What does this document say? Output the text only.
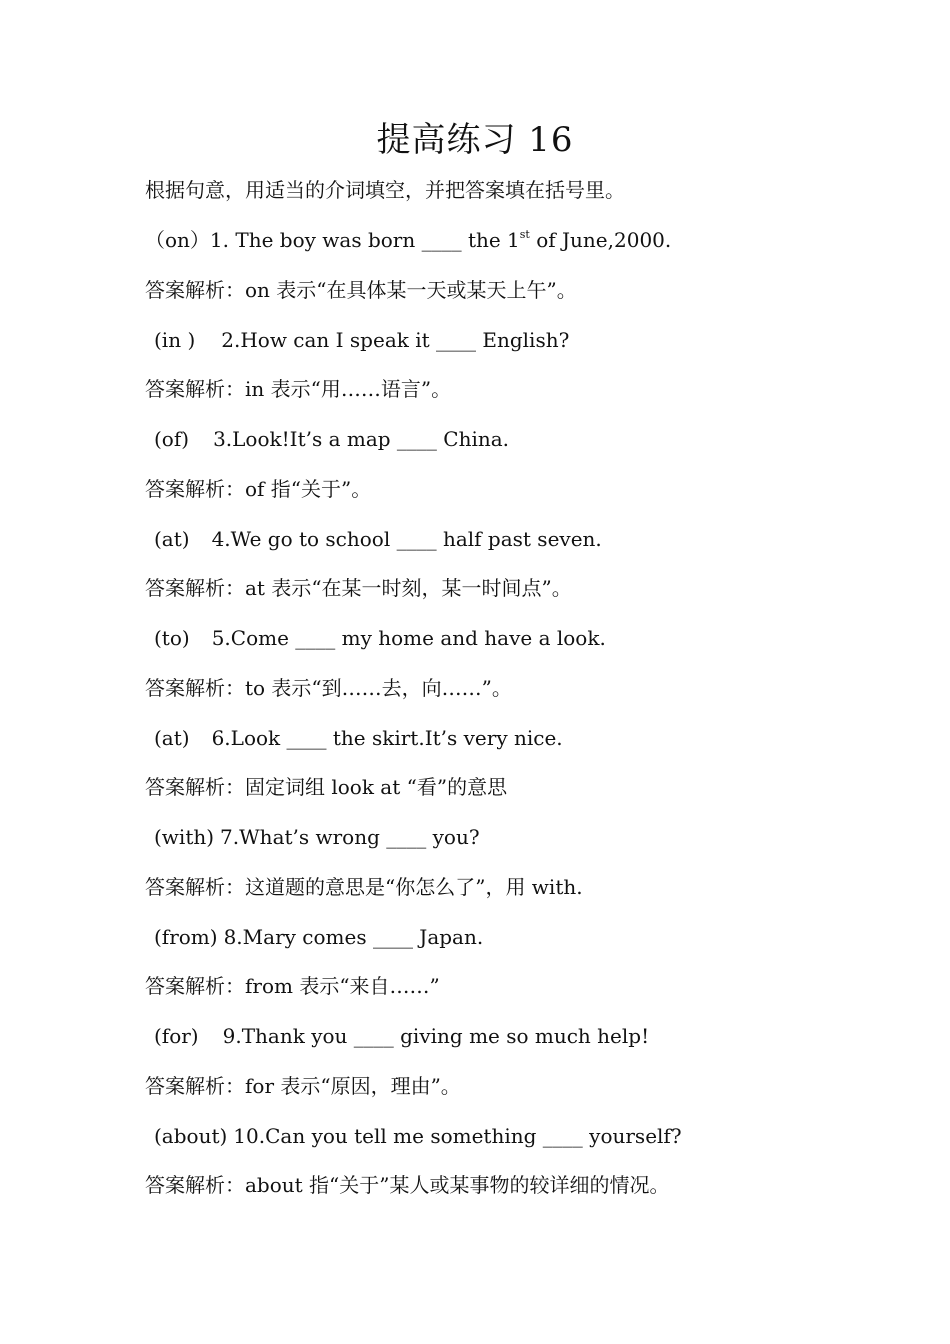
提高练习 16
根据句意，用适当的介词填空，并把答案填在括号里。
（on）1. The boy was born ____ the 1st of June,2000.
答案解析：on 表示“在具体某一天或某天上午”。
(in ) 2.How can I speak it ____ English?
答案解析：in 表示“用……语言”。
(of) 3.Look!It’s a map ____ China.
答案解析：of 指“关于”。
(at) 4.We go to school ____ half past seven.
答案解析：at 表示“在某一时刻，某一时间点”。
(to) 5.Come ____ my home and have a look.
答案解析：to 表示“到……去，向……”。
(at) 6.Look ____ the skirt.It’s very nice.
答案解析：固定词组 look at “看”的意思
(with) 7.What’s wrong ____ you?
答案解析：这道题的意思是“你怎么了”，用 with.
(from) 8.Mary comes ____ Japan.
答案解析：from 表示“来自……”
(for) 9.Thank you ____ giving me so much help!
答案解析：for 表示“原因，理由”。
(about) 10.Can you tell me something ____ yourself?
答案解析：about 指“关于”某人或某事物的较详细的情况。
